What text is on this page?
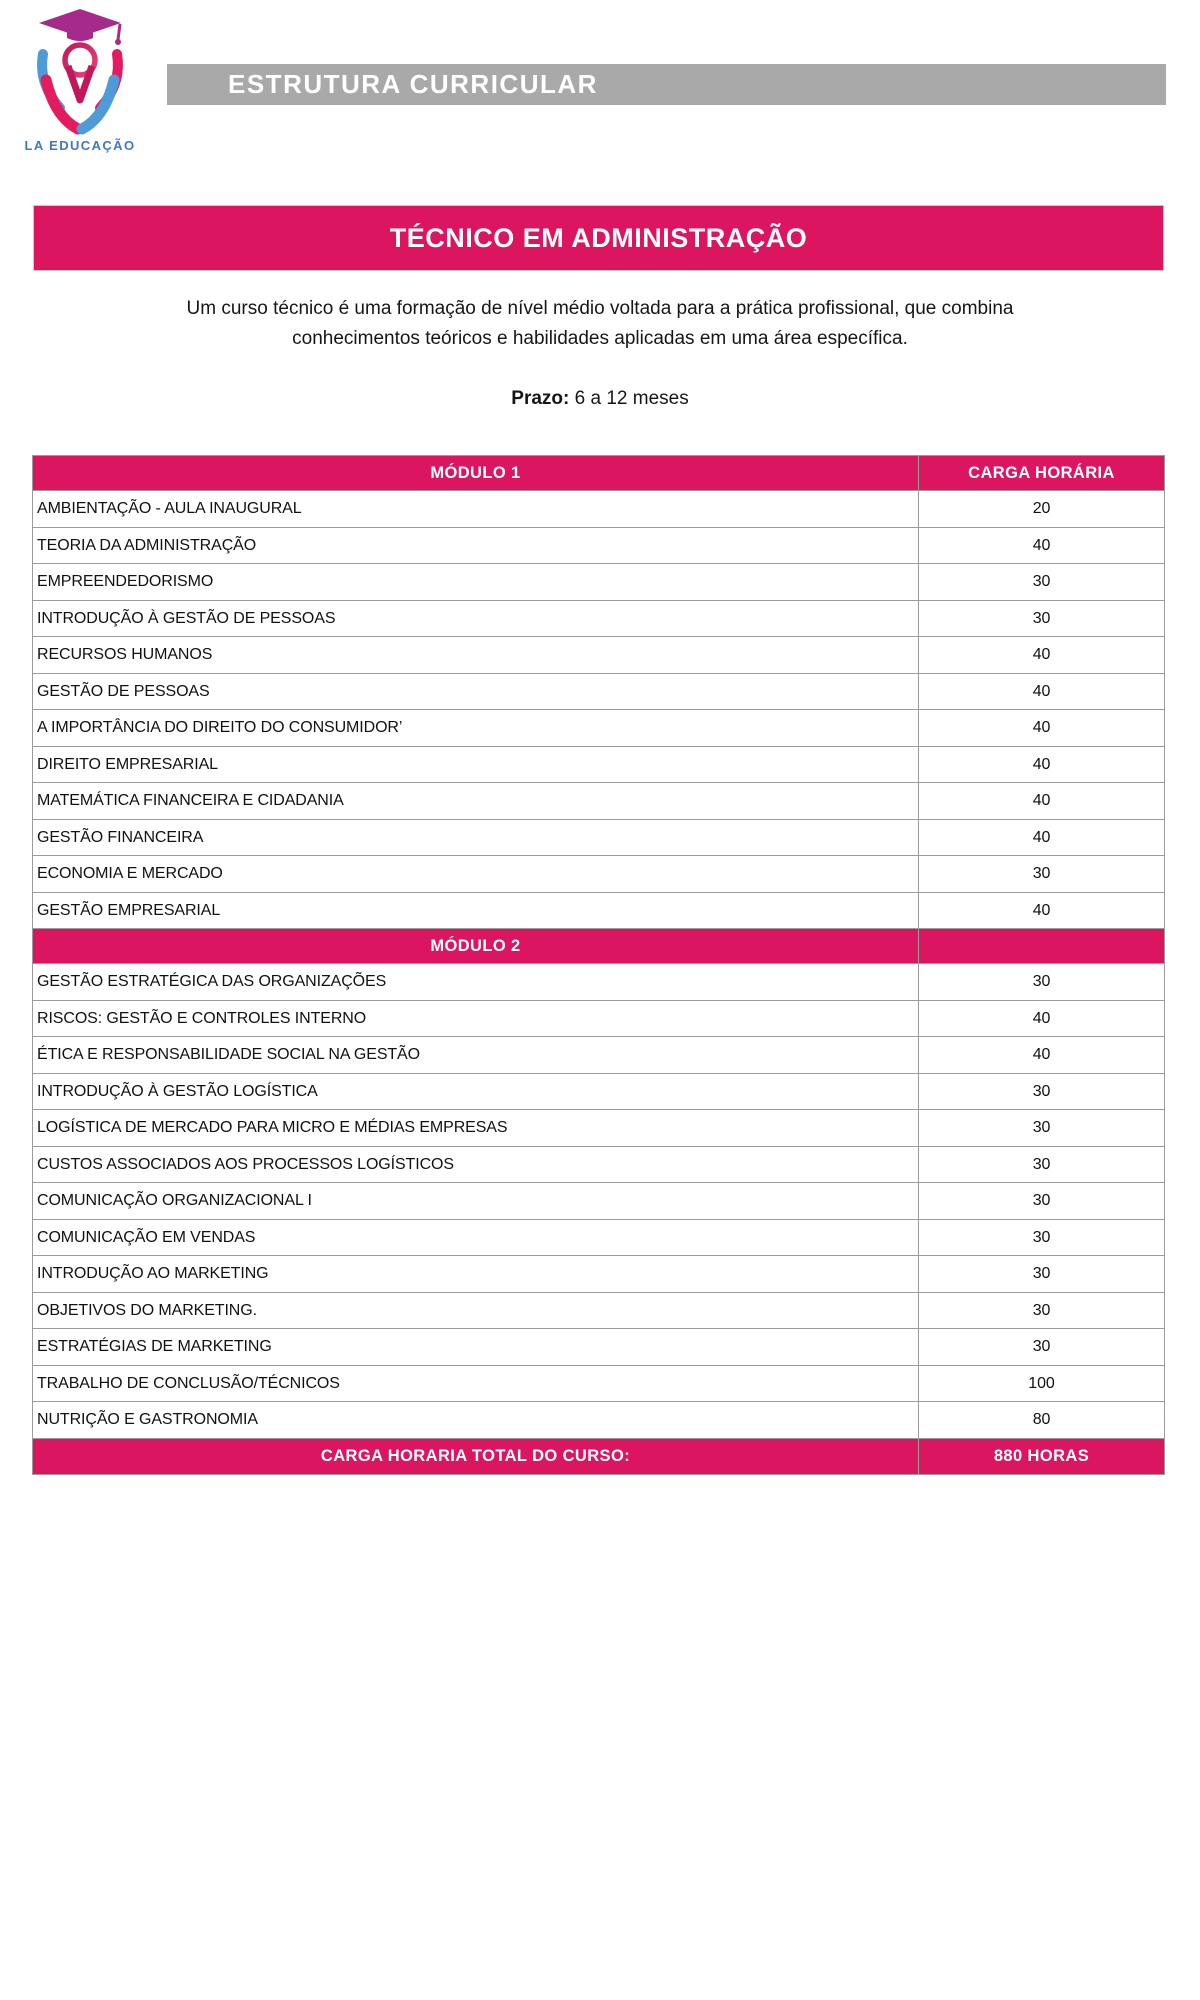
LA EDUCAÇÃO
ESTRUTURA CURRICULAR
TÉCNICO EM ADMINISTRAÇÃO
Um curso técnico é uma formação de nível médio voltada para a prática profissional, que combina
conhecimentos teóricos e habilidades aplicadas em uma área específica.
Prazo: 6 a 12 meses
MÓDULO 1	CARGA HORÁRIA
AMBIENTAÇÃO - AULA INAUGURAL	20
TEORIA DA ADMINISTRAÇÃO	40
EMPREENDEDORISMO	30
INTRODUÇÃO À GESTÃO DE PESSOAS	30
RECURSOS HUMANOS	40
GESTÃO DE PESSOAS	40
A IMPORTÂNCIA DO DIREITO DO CONSUMIDOR’	40
DIREITO EMPRESARIAL	40
MATEMÁTICA FINANCEIRA E CIDADANIA	40
GESTÃO FINANCEIRA	40
ECONOMIA E MERCADO	30
GESTÃO EMPRESARIAL	40
MÓDULO 2	
GESTÃO ESTRATÉGICA DAS ORGANIZAÇÕES	30
RISCOS: GESTÃO E CONTROLES INTERNO	40
ÉTICA E RESPONSABILIDADE SOCIAL NA GESTÃO	40
INTRODUÇÃO À GESTÃO LOGÍSTICA	30
LOGÍSTICA DE MERCADO PARA MICRO E MÉDIAS EMPRESAS	30
CUSTOS ASSOCIADOS AOS PROCESSOS LOGÍSTICOS	30
COMUNICAÇÃO ORGANIZACIONAL I	30
COMUNICAÇÃO EM VENDAS	30
INTRODUÇÃO AO MARKETING	30
OBJETIVOS DO MARKETING.	30
ESTRATÉGIAS DE MARKETING	30
TRABALHO DE CONCLUSÃO/TÉCNICOS	100
NUTRIÇÃO E GASTRONOMIA	80
CARGA HORARIA TOTAL DO CURSO:	880 HORAS
